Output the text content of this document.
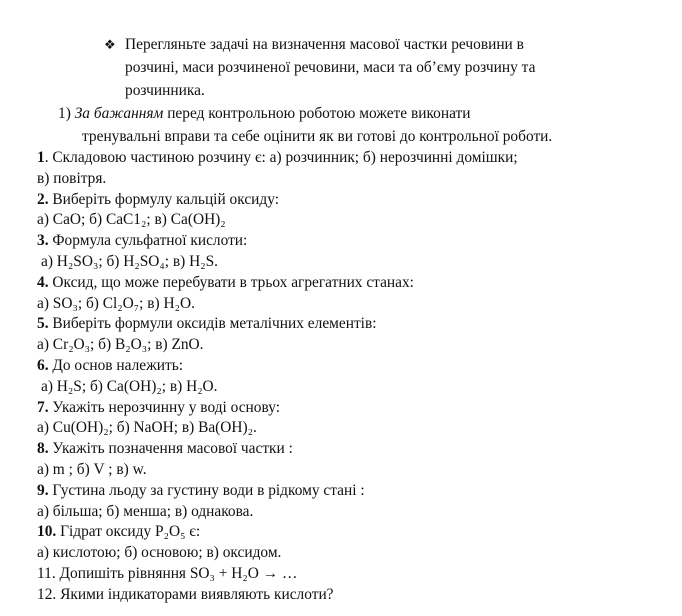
❖ Перегляньте задачі на визначення масової частки речовини в
розчині, маси розчиненої речовини, маси та об’єму розчину та
розчинника.
1) За бажанням перед контрольною роботою можете виконати
тренувальні вправи та себе оцінити як ви готові до контрольної роботи.
1. Складовою частиною розчину є: а) розчинник; б) нерозчинні домішки;
в) повітря.
2. Виберіть формулу кальцій оксиду:
а) CaO; б) CaC1₂; в) Ca(OH)₂
3. Формула сульфатної кислоти:
а) H₂SO₃; б) H₂SO₄; в) H₂S.
4. Оксид, що може перебувати в трьох агрегатних станах:
а) SO₃; б) Cl₂O₇; в) H₂O.
5. Виберіть формули оксидів металічних елементів:
а) Cr₂O₃; б) B₂O₃; в) ZnO.
6. До основ належить:
а) H₂S; б) Ca(OH)₂; в) H₂O.
7. Укажіть нерозчинну у воді основу:
а) Cu(OH)₂; б) NaOH; в) Ba(OH)₂.
8. Укажіть позначення масової частки :
а) m ; б) V ; в) w.
9. Густина льоду за густину води в рідкому стані :
а) більша; б) менша; в) однакова.
10. Гідрат оксиду P₂O₅ є:
а) кислотою; б) основою; в) оксидом.
11. Допишіть рівняння SO₃ + H₂O → …
12. Якими індикаторами виявляють кислоти?
